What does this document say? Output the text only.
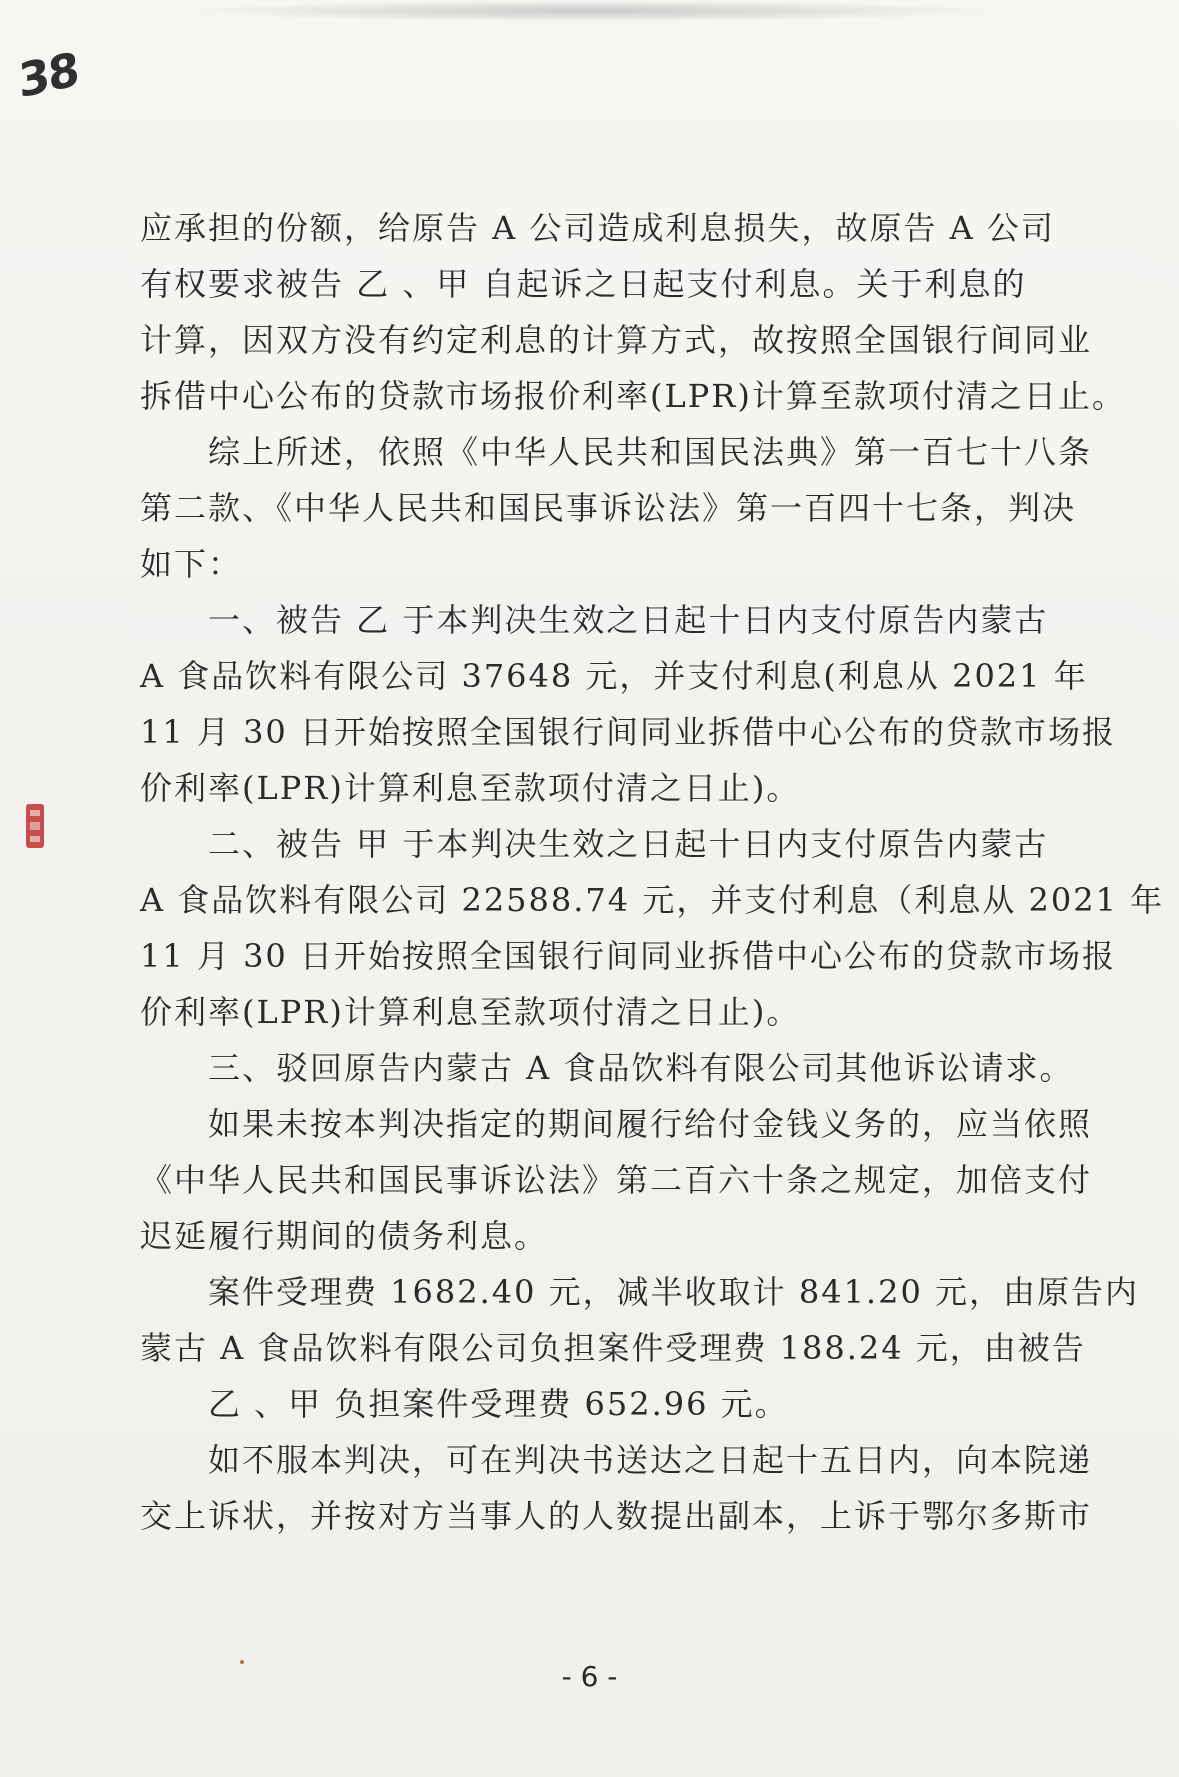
38
应承担的份额，给原告 A 公司造成利息损失，故原告 A 公司
有权要求被告 乙 、甲 自起诉之日起支付利息。关于利息的
计算，因双方没有约定利息的计算方式，故按照全国银行间同业
拆借中心公布的贷款市场报价利率(LPR)计算至款项付清之日止。
综上所述，依照《中华人民共和国民法典》第一百七十八条
第二款、《中华人民共和国民事诉讼法》第一百四十七条，判决
如下：
一、被告 乙 于本判决生效之日起十日内支付原告内蒙古
A 食品饮料有限公司 37648 元，并支付利息(利息从 2021 年
11 月 30 日开始按照全国银行间同业拆借中心公布的贷款市场报
价利率(LPR)计算利息至款项付清之日止)。
二、被告 甲 于本判决生效之日起十日内支付原告内蒙古
A 食品饮料有限公司 22588.74 元，并支付利息（利息从 2021 年
11 月 30 日开始按照全国银行间同业拆借中心公布的贷款市场报
价利率(LPR)计算利息至款项付清之日止)。
三、驳回原告内蒙古 A 食品饮料有限公司其他诉讼请求。
如果未按本判决指定的期间履行给付金钱义务的，应当依照
《中华人民共和国民事诉讼法》第二百六十条之规定，加倍支付
迟延履行期间的债务利息。
案件受理费 1682.40 元，减半收取计 841.20 元，由原告内
蒙古 A 食品饮料有限公司负担案件受理费 188.24 元，由被告
乙 、甲 负担案件受理费 652.96 元。
如不服本判决，可在判决书送达之日起十五日内，向本院递
交上诉状，并按对方当事人的人数提出副本，上诉于鄂尔多斯市
- 6 -
